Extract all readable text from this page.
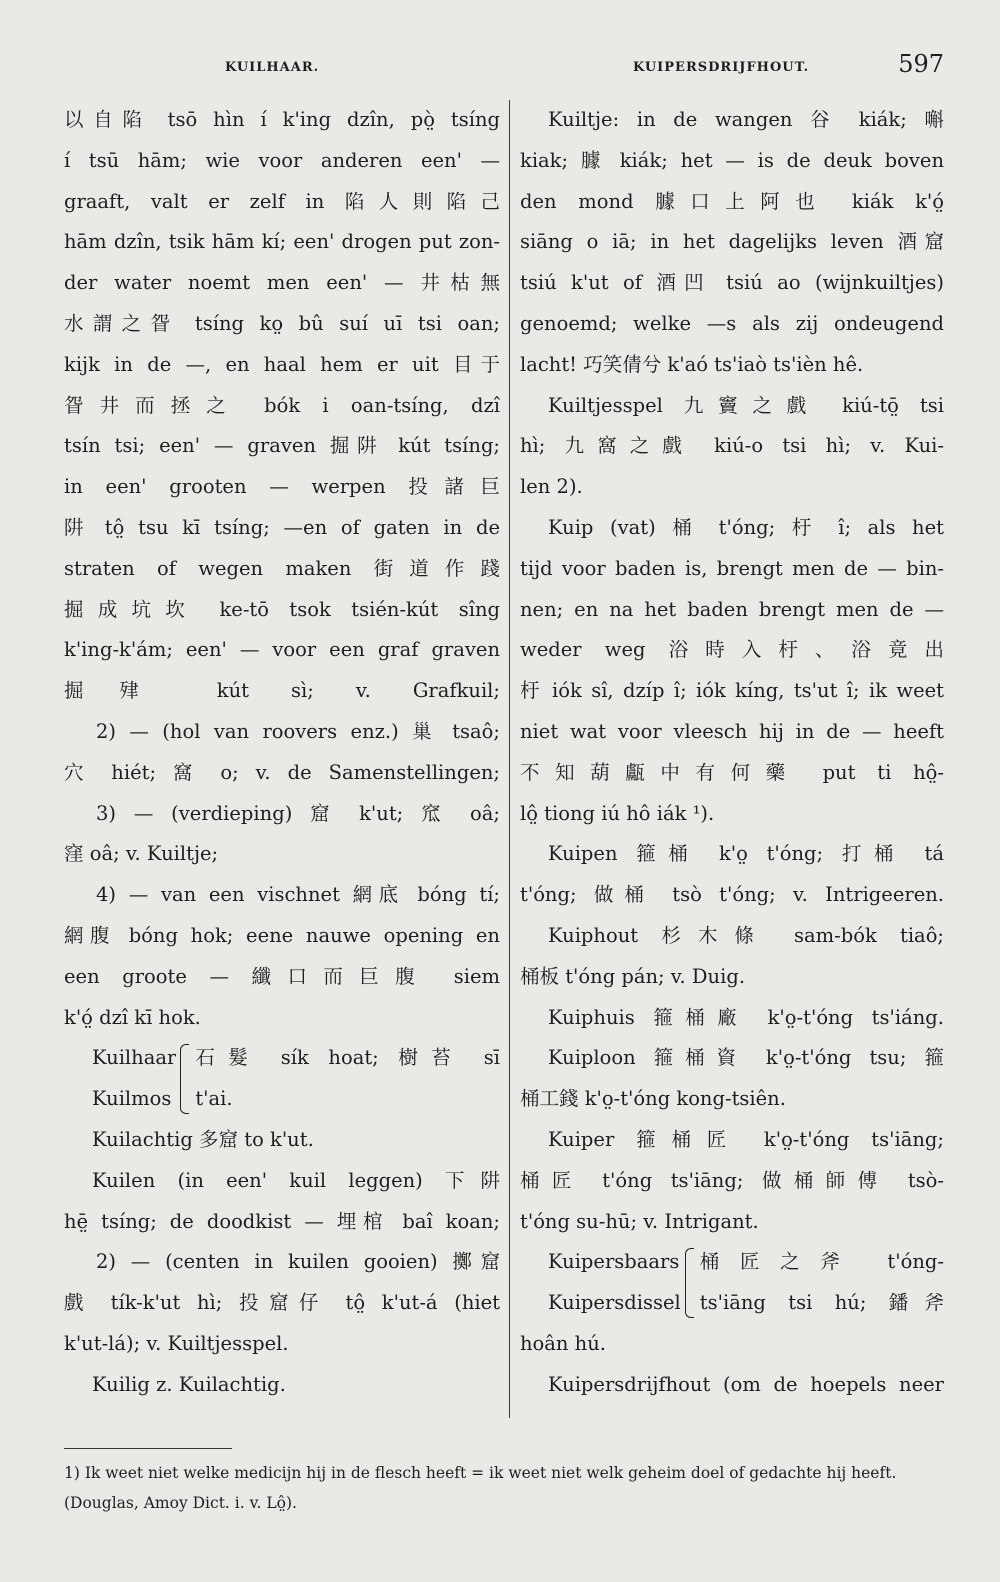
KUILHAAR.	KUIPERSDRIJFHOUT.	597
以自陷 tsō hìn í k'ing dzîn, pò̤ tsíng
í tsū hām; wie voor anderen een' —
graaft, valt er zelf in 陷人則陷己
hām dzîn, tsik hām kí; een' drogen put zon-
der water noemt men een' — 井枯無
水謂之眢 tsíng ko̤ bû suí uī tsi oan;
kijk in de —, en haal hem er uit 目于
眢井而拯之 bók i oan-tsíng, dzî
tsín tsi; een' — graven 掘阱 kút tsíng;
in een' grooten — werpen 投諸巨
阱 tô̤ tsu kī tsíng; —en of gaten in de
straten of wegen maken 街道作踐
掘成坑坎 ke-tō tsok tsién-kút sîng
k'ing-k'ám; een' — voor een graf graven
掘肂 kút sì; v. Grafkuil;
2) — (hol van roovers enz.) 巢 tsaô;
穴 hiét; 窩 o; v. de Samenstellingen;
3) — (verdieping) 窟 k'ut; 窊 oâ;
窪 oâ; v. Kuiltje;
4) — van een vischnet 網底 bóng tí;
網腹 bóng hok; eene nauwe opening en
een groote — 纖口而巨腹 siem
k'ó̤ dzî kī hok.
Kuilhaar
Kuilmos
石髮 sík hoat; 樹苔 sī
t'ai.
Kuilachtig 多窟 to k'ut.
Kuilen (in een' kuil leggen) 下阱
hē̤ tsíng; de doodkist — 埋棺 baî koan;
2) — (centen in kuilen gooien) 擲窟
戲 tík-k'ut hì; 投窟仔 tô̤ k'ut-á (hiet
k'ut-lá); v. Kuiltjesspel.
Kuilig z. Kuilachtig.
Kuiltje: in de wangen 谷 kiák; 嘝
kiak; 臄 kiák; het — is de deuk boven
den mond 臄口上阿也 kiák k'ó̤
siāng o iā; in het dagelijks leven 酒窟
tsiú k'ut of 酒凹 tsiú ao (wijnkuiltjes)
genoemd; welke —s als zij ondeugend
lacht! 巧笑倩兮 k'aó ts'iaò ts'ièn hê.
Kuiltjesspel 九竇之戲 kiú-tō̤ tsi
hì; 九窩之戲 kiú-o tsi hì; v. Kui-
len 2).
Kuip (vat) 桶 t'óng; 杅 î; als het
tijd voor baden is, brengt men de — bin-
nen; en na het baden brengt men de —
weder weg 浴時入杅、浴竟出
杅 iók sî, dzíp î; iók kíng, ts'ut î; ik weet
niet wat voor vleesch hij in de — heeft
不知葫甗中有何藥 put ti hô̤-
lô̤ tiong iú hô iák ¹).
Kuipen 箍桶 k'o̤ t'óng; 打桶 tá
t'óng; 做桶 tsò t'óng; v. Intrigeeren.
Kuiphout 杉木條 sam-bók tiaô;
桶板 t'óng pán; v. Duig.
Kuiphuis 箍桶廠 k'o̤-t'óng ts'iáng.
Kuiploon 箍桶資 k'o̤-t'óng tsu; 箍
桶工錢 k'o̤-t'óng kong-tsiên.
Kuiper 箍桶匠 k'o̤-t'óng ts'iāng;
桶匠 t'óng ts'iāng; 做桶師傅 tsò-
t'óng su-hū; v. Intrigant.
Kuipersbaars
Kuipersdissel
桶匠之斧 t'óng-
ts'iāng tsi hú; 鐇斧
hoân hú.
Kuipersdrijfhout (om de hoepels neer
1) Ik weet niet welke medicijn hij in de flesch heeft = ik weet niet welk geheim doel of gedachte hij heeft.
(Douglas, Amoy Dict. i. v. Lô̤).
